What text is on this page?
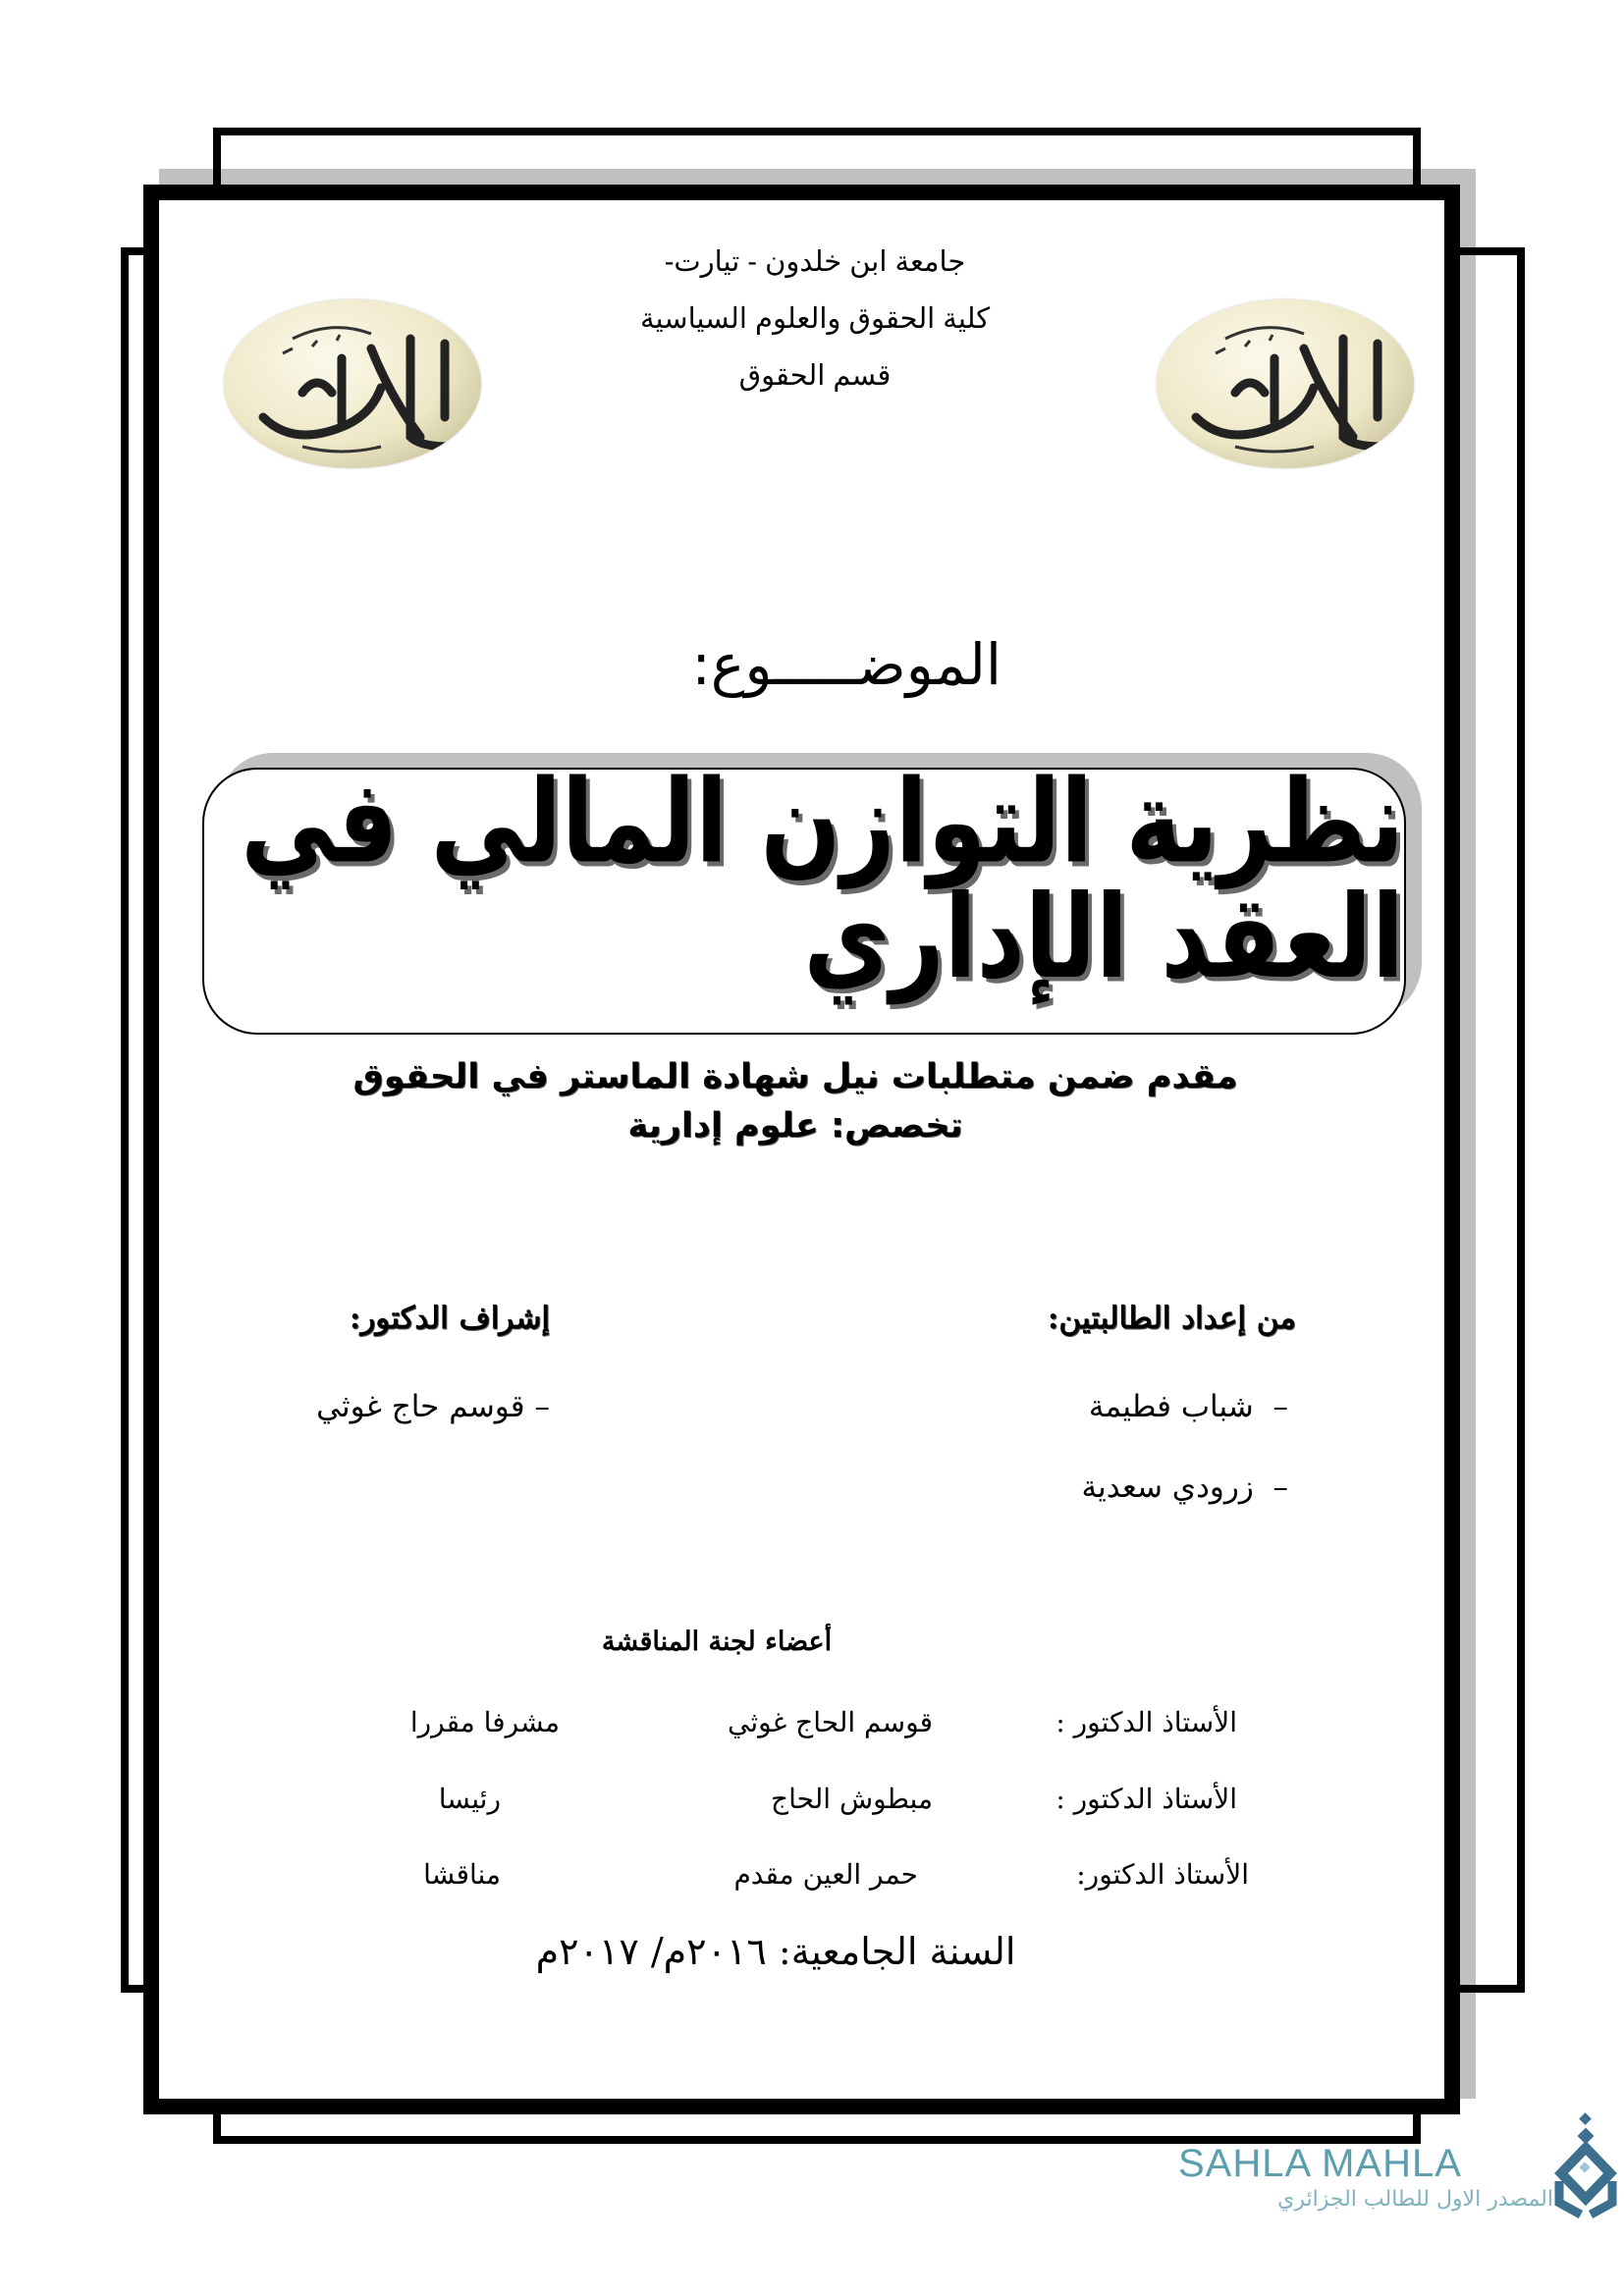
جامعة ابن خلدون - تيارت-
كلية الحقوق والعلوم السياسية
قسم الحقوق
الموضـــــوع:
نظرية التوازن المالي في العقد الإداري
مقدم ضمن متطلبات نيل شهادة الماستر في الحقوق
تخصص: علوم إدارية
من إعداد الطالبتين:
–  شباب فطيمة
–  زرودي سعدية
إشراف الدكتور:
– قوسم حاج غوثي
أعضاء لجنة المناقشة
الأستاذ الدكتور :
قوسم الحاج غوثي
مشرفا مقررا
الأستاذ الدكتور :
مبطوش الحاج
رئيسا
الأستاذ الدكتور:
حمر العين مقدم
مناقشا
السنة الجامعية: ٢٠١٦م/ ٢٠١٧م
SAHLA MAHLA
المصدر الاول للطالب الجزائري
